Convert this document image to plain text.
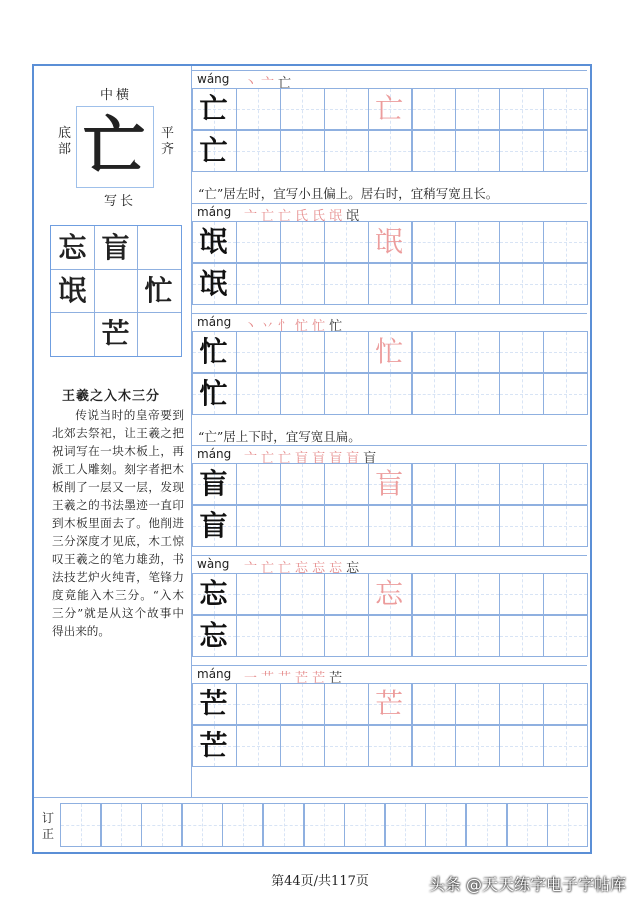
中横
亡
底部
平齐
写长
忘 盲
氓 忙
芒
王羲之入木三分
传说当时的皇帝要到北郊去祭祀，让王羲之把祝词写在一块木板上，再派工人雕刻。刻字者把木板削了一层又一层，发现王羲之的书法墨迹一直印到木板里面去了。他削进三分深度才见底，木工惊叹王羲之的笔力雄劲，书法技艺炉火纯青，笔锋力度竟能入木三分。“入木三分”就是从这个故事中得出来的。
wáng 丶亠亡
亡
亡
亡
máng 亠亡亡氏氏氓氓
氓
氓
氓
máng 丶丷忄忙忙忙
忙
忙
忙
máng 亠亡亡盲盲盲盲盲
盲
盲
盲
wàng 亠亡亡忘忘忘忘
忘
忘
忘
máng 一艹艹芒芒芒
芒
芒
芒
“亡”居左时，宜写小且偏上。居右时，宜稍写宽且长。
“亡”居上下时，宜写宽且扁。
订正
第44页/共117页	头条 @天天练字电子字帖库
